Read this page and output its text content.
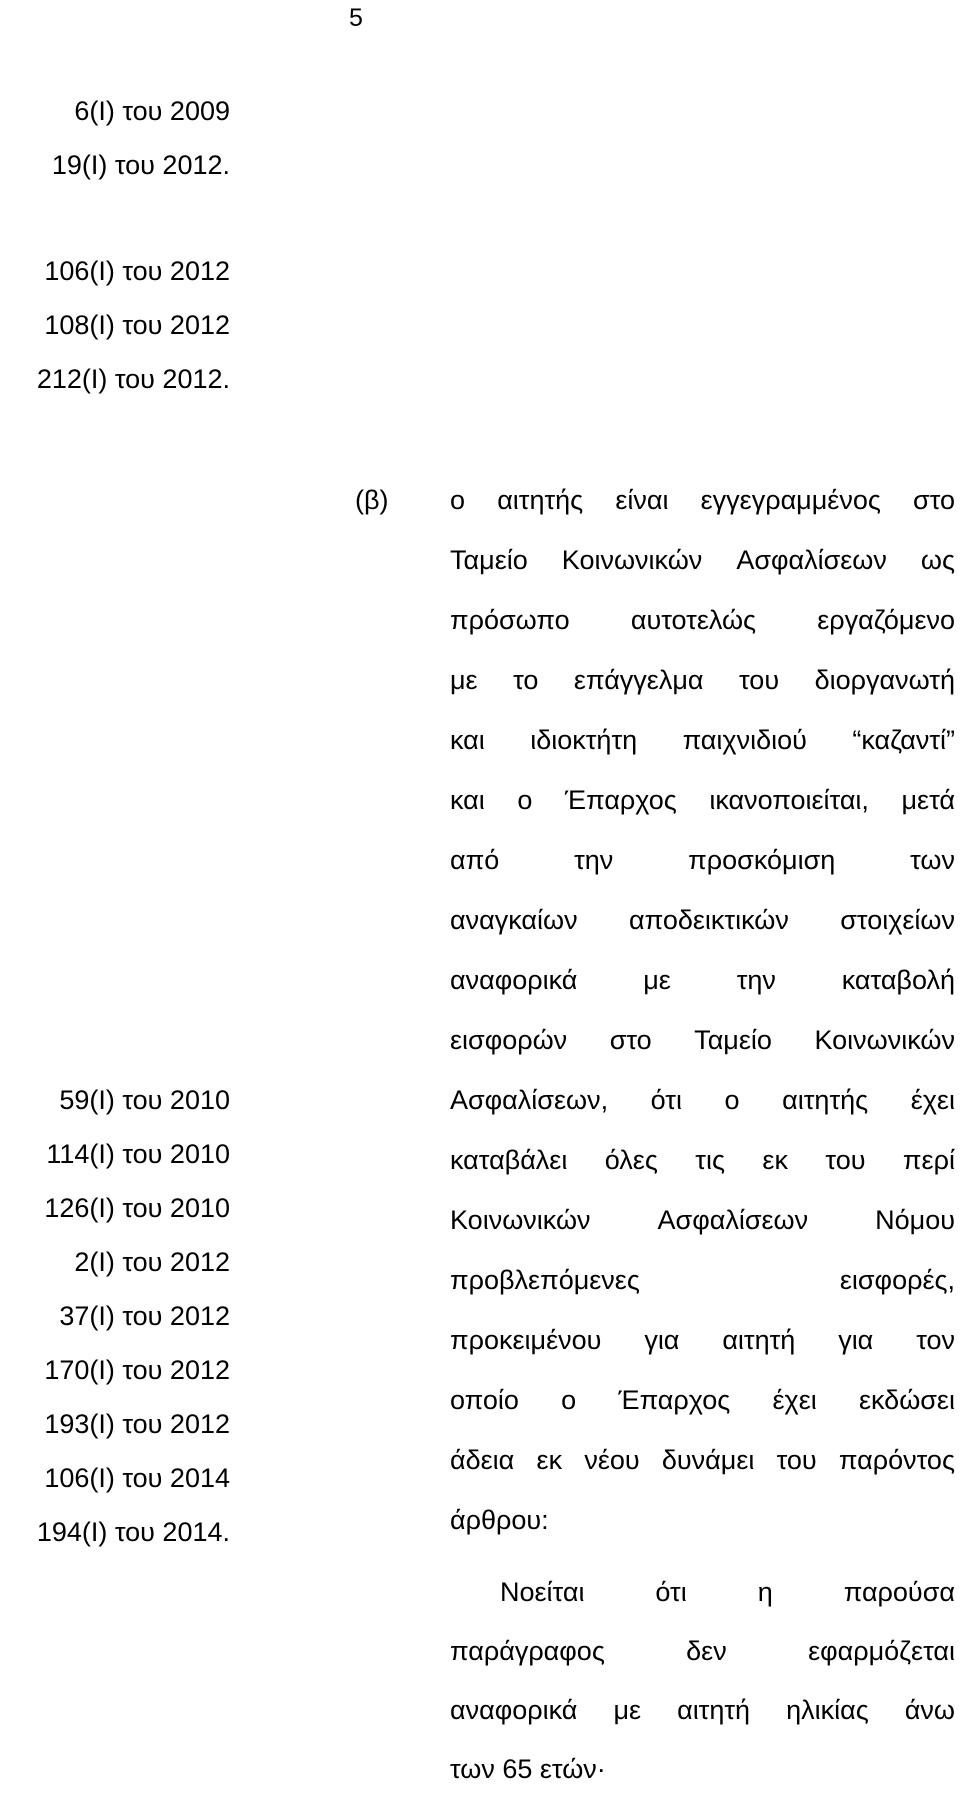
5
6(I) του 2009
19(I) του 2012.
106(I) του 2012
108(I) του 2012
212(I) του 2012.
59(I) του 2010
114(I) του 2010
126(I) του 2010
2(I) του 2012
37(I) του 2012
170(I) του 2012
193(I) του 2012
106(I) του 2014
194(I) του 2014.
(β) ο αιτητής είναι εγγεγραμμένος στο
Ταμείο Κοινωνικών Ασφαλίσεων ως
πρόσωπο αυτοτελώς εργαζόμενο
με το επάγγελμα του διοργανωτή
και ιδιοκτήτη παιχνιδιού “καζαντί”
και ο Έπαρχος ικανοποιείται, μετά
από	την	προσκόμιση	των
αναγκαίων αποδεικτικών στοιχείων
αναφορικά με την καταβολή
εισφορών στο Ταμείο Κοινωνικών
Ασφαλίσεων, ότι ο αιτητής έχει
καταβάλει όλες τις εκ του περί
Κοινωνικών Ασφαλίσεων Νόμου
προβλεπόμενες	εισφορές,
προκειμένου για αιτητή για τον
οποίο ο Έπαρχος έχει εκδώσει
άδεια εκ νέου δυνάμει του παρόντος
άρθρου:
Νοείται	ότι	η	παρούσα
παράγραφος	δεν	εφαρμόζεται
αναφορικά με αιτητή ηλικίας άνω
των 65 ετών·
